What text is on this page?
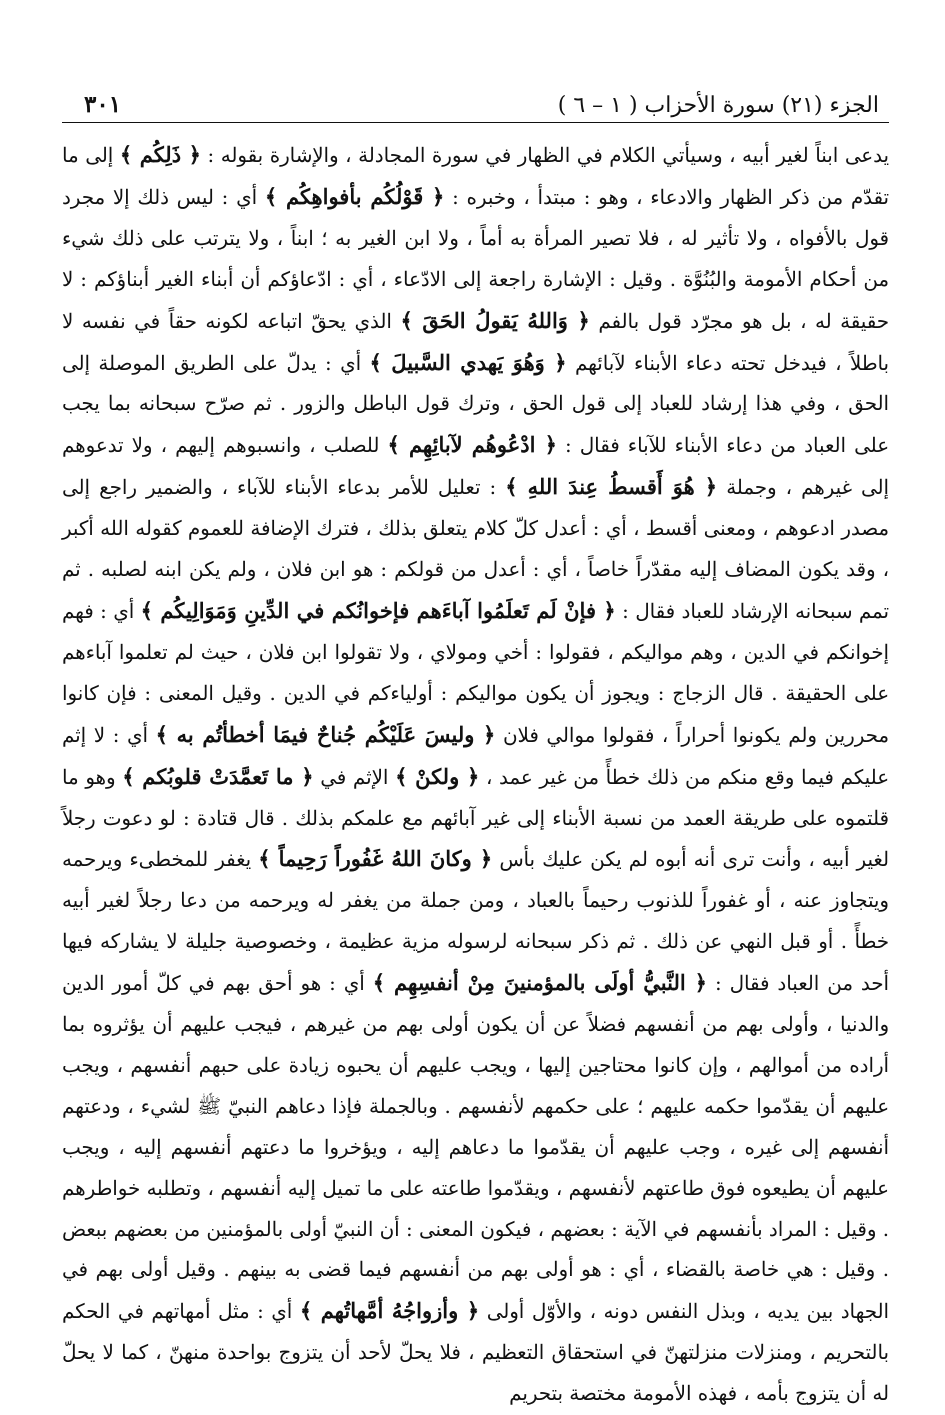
الجزء (٢١) سورة الأحزاب ( ١ – ٦ )
٣٠١

يدعى ابناً لغير أبيه ، وسيأتي الكلام في الظهار في سورة المجادلة ، والإشارة بقوله : ﴿ ذَلِكُم ﴾ إلى ما تقدّم من ذكر الظهار والادعاء ، وهو : مبتدأ ، وخبره : ﴿ قَوْلُكُم بأفواهِكُم ﴾ أي : ليس ذلك إلا مجرد قول بالأفواه ، ولا تأثير له ، فلا تصير المرأة به أماً ، ولا ابن الغير به ؛ ابناً ، ولا يترتب على ذلك شيء من أحكام الأمومة والبُنُوَّة . وقيل : الإشارة راجعة إلى الادّعاء ، أي : ادّعاؤكم أن أبناء الغير أبناؤكم : لا حقيقة له ، بل هو مجرّد قول بالفم ﴿ وَاللهُ يَقولُ الحَقَ ﴾ الذي يحقّ اتباعه لكونه حقاً في نفسه لا باطلاً ، فيدخل تحته دعاء الأبناء لآبائهم ﴿ وَهُوَ يَهدي السَّبيلَ ﴾ أي : يدلّ على الطريق الموصلة إلى الحق ، وفي هذا إرشاد للعباد إلى قول الحق ، وترك قول الباطل والزور . ثم صرّح سبحانه بما يجب على العباد من دعاء الأبناء للآباء فقال : ﴿ ادْعُوهُم لآبائِهِم ﴾ للصلب ، وانسبوهم إليهم ، ولا تدعوهم إلى غيرهم ، وجملة ﴿ هُوَ أَقسطُ عِندَ اللهِ ﴾ : تعليل للأمر بدعاء الأبناء للآباء ، والضمير راجع إلى مصدر ادعوهم ، ومعنى أقسط ، أي : أعدل كلّ كلام يتعلق بذلك ، فترك الإضافة للعموم كقوله الله أكبر ، وقد يكون المضاف إليه مقدّراً خاصاً ، أي : أعدل من قولكم : هو ابن فلان ، ولم يكن ابنه لصلبه . ثم تمم سبحانه الإرشاد للعباد فقال : ﴿ فإنْ لَم تَعلَمُوا آباءَهم فإخوانُكم في الدِّينِ وَمَوَالِيكُم ﴾ أي : فهم إخوانكم في الدين ، وهم مواليكم ، فقولوا : أخي ومولاي ، ولا تقولوا ابن فلان ، حيث لم تعلموا آباءهم على الحقيقة . قال الزجاج : ويجوز أن يكون مواليكم : أولياءكم في الدين . وقيل المعنى : فإن كانوا محررين ولم يكونوا أحراراً ، فقولوا موالي فلان ﴿ وليسَ عَلَيْكُم جُناحٌ فيمَا أخطأتُم به ﴾ أي : لا إثم عليكم فيما وقع منكم من ذلك خطأً من غير عمد ، ﴿ ولكنْ ﴾ الإثم في ﴿ ما تَعمَّدَتْ قلوبُكم ﴾ وهو ما قلتموه على طريقة العمد من نسبة الأبناء إلى غير آبائهم مع علمكم بذلك . قال قتادة : لو دعوت رجلاً لغير أبيه ، وأنت ترى أنه أبوه لم يكن عليك بأس ﴿ وكانَ اللهُ غَفُوراً رَحِيماً ﴾ يغفر للمخطىء ويرحمه ويتجاوز عنه ، أو غفوراً للذنوب رحيماً بالعباد ، ومن جملة من يغفر له ويرحمه من دعا رجلاً لغير أبيه خطأً . أو قبل النهي عن ذلك . ثم ذكر سبحانه لرسوله مزية عظيمة ، وخصوصية جليلة لا يشاركه فيها أحد من العباد فقال : ﴿ النَّبيُّ أولَى بالمؤمنينَ مِنْ أنفسِهِم ﴾ أي : هو أحق بهم في كلّ أمور الدين والدنيا ، وأولى بهم من أنفسهم فضلاً عن أن يكون أولى بهم من غيرهم ، فيجب عليهم أن يؤثروه بما أراده من أموالهم ، وإن كانوا محتاجين إليها ، ويجب عليهم أن يحبوه زيادة على حبهم أنفسهم ، ويجب عليهم أن يقدّموا حكمه عليهم ؛ على حكمهم لأنفسهم . وبالجملة فإذا دعاهم النبيّ ﷺ لشيء ، ودعتهم أنفسهم إلى غيره ، وجب عليهم أن يقدّموا ما دعاهم إليه ، ويؤخروا ما دعتهم أنفسهم إليه ، ويجب عليهم أن يطيعوه فوق طاعتهم لأنفسهم ، ويقدّموا طاعته على ما تميل إليه أنفسهم ، وتطلبه خواطرهم . وقيل : المراد بأنفسهم في الآية : بعضهم ، فيكون المعنى : أن النبيّ أولى بالمؤمنين من بعضهم ببعض . وقيل : هي خاصة بالقضاء ، أي : هو أولى بهم من أنفسهم فيما قضى به بينهم . وقيل أولى بهم في الجهاد بين يديه ، وبذل النفس دونه ، والأوّل أولى ﴿ وأزواجُهُ أمَّهاتُهم ﴾ أي : مثل أمهاتهم في الحكم بالتحريم ، ومنزلات منزلتهنّ في استحقاق التعظيم ، فلا يحلّ لأحد أن يتزوج بواحدة منهنّ ، كما لا يحلّ له أن يتزوج بأمه ، فهذه الأمومة مختصة بتحريم
